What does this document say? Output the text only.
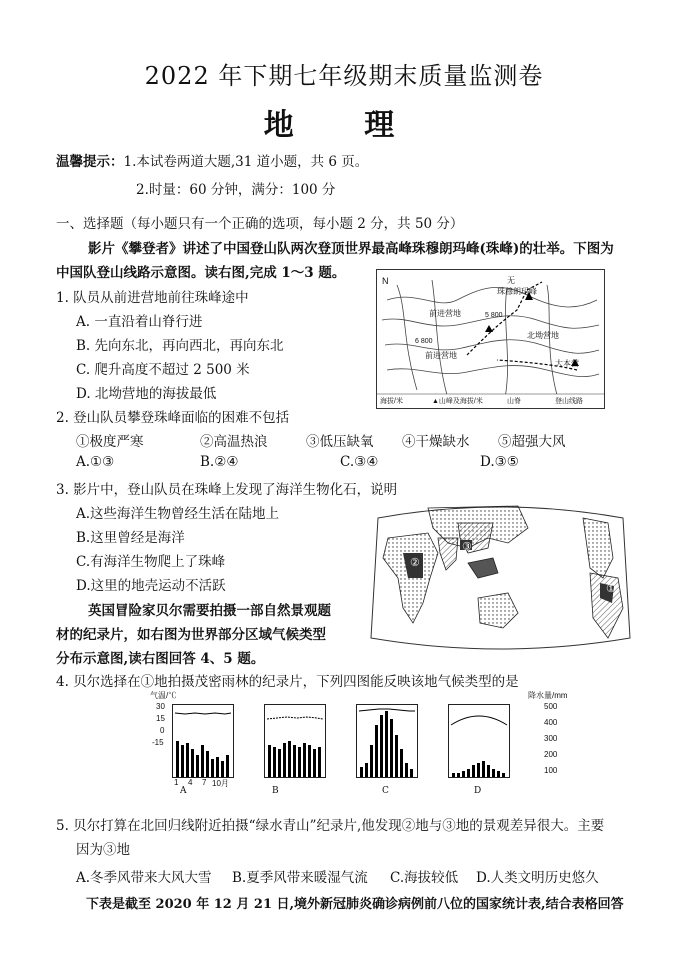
2022 年下期七年级期末质量监测卷
地 理
温馨提示：1.本试卷两道大题,31 道小题，共 6 页。
2.时量：60 分钟，满分：100 分
一、选择题（每小题只有一个正确的选项，每小题 2 分，共 50 分）
影片《攀登者》讲述了中国登山队两次登顶世界最高峰珠穆朗玛峰(珠峰)的壮举。下图为
中国队登山线路示意图。读右图,完成 1～3 题。
1. 队员从前进营地前往珠峰途中
A. 一直沿着山脊行进
B. 先向东北，再向西北，再向东北
C. 爬升高度不超过 2 500 米
D. 北坳营地的海拔最低
N	无
珠穆朗玛峰
前进营地
北坳营地
前进营地
大本营
6 800
5 800
海拔/米	▲山峰及海拔/米	山脊	登山线路
2. 登山队员攀登珠峰面临的困难不包括
①极度严寒	②高温热浪	③低压缺氧 ④干燥缺水 ⑤超强大风
A.①③	B.②④	C.③④	D.③⑤
3. 影片中，登山队员在珠峰上发现了海洋生物化石，说明
A.这些海洋生物曾经生活在陆地上
B.这里曾经是海洋
C.有海洋生物爬上了珠峰
D.这里的地壳运动不活跃
英国冒险家贝尔需要拍摄一部自然景观题
材的纪录片，如右图为世界部分区域气候类型
分布示意图,读右图回答 4、5 题。
①
②
③
4. 贝尔选择在①地拍摄茂密雨林的纪录片，下列四图能反映该地气候类型的是
气温/℃	降水量/mm
30
15
0
-15
500
400
300
200
100
1 4 7 10月
A	B	C	D
5. 贝尔打算在北回归线附近拍摄“绿水青山”纪录片,他发现②地与③地的景观差异很大。主要
因为③地
A.冬季风带来大风大雪 B.夏季风带来暖湿气流 C.海拔较低 D.人类文明历史悠久
下表是截至 2020 年 12 月 21 日,境外新冠肺炎确诊病例前八位的国家统计表,结合表格回答
